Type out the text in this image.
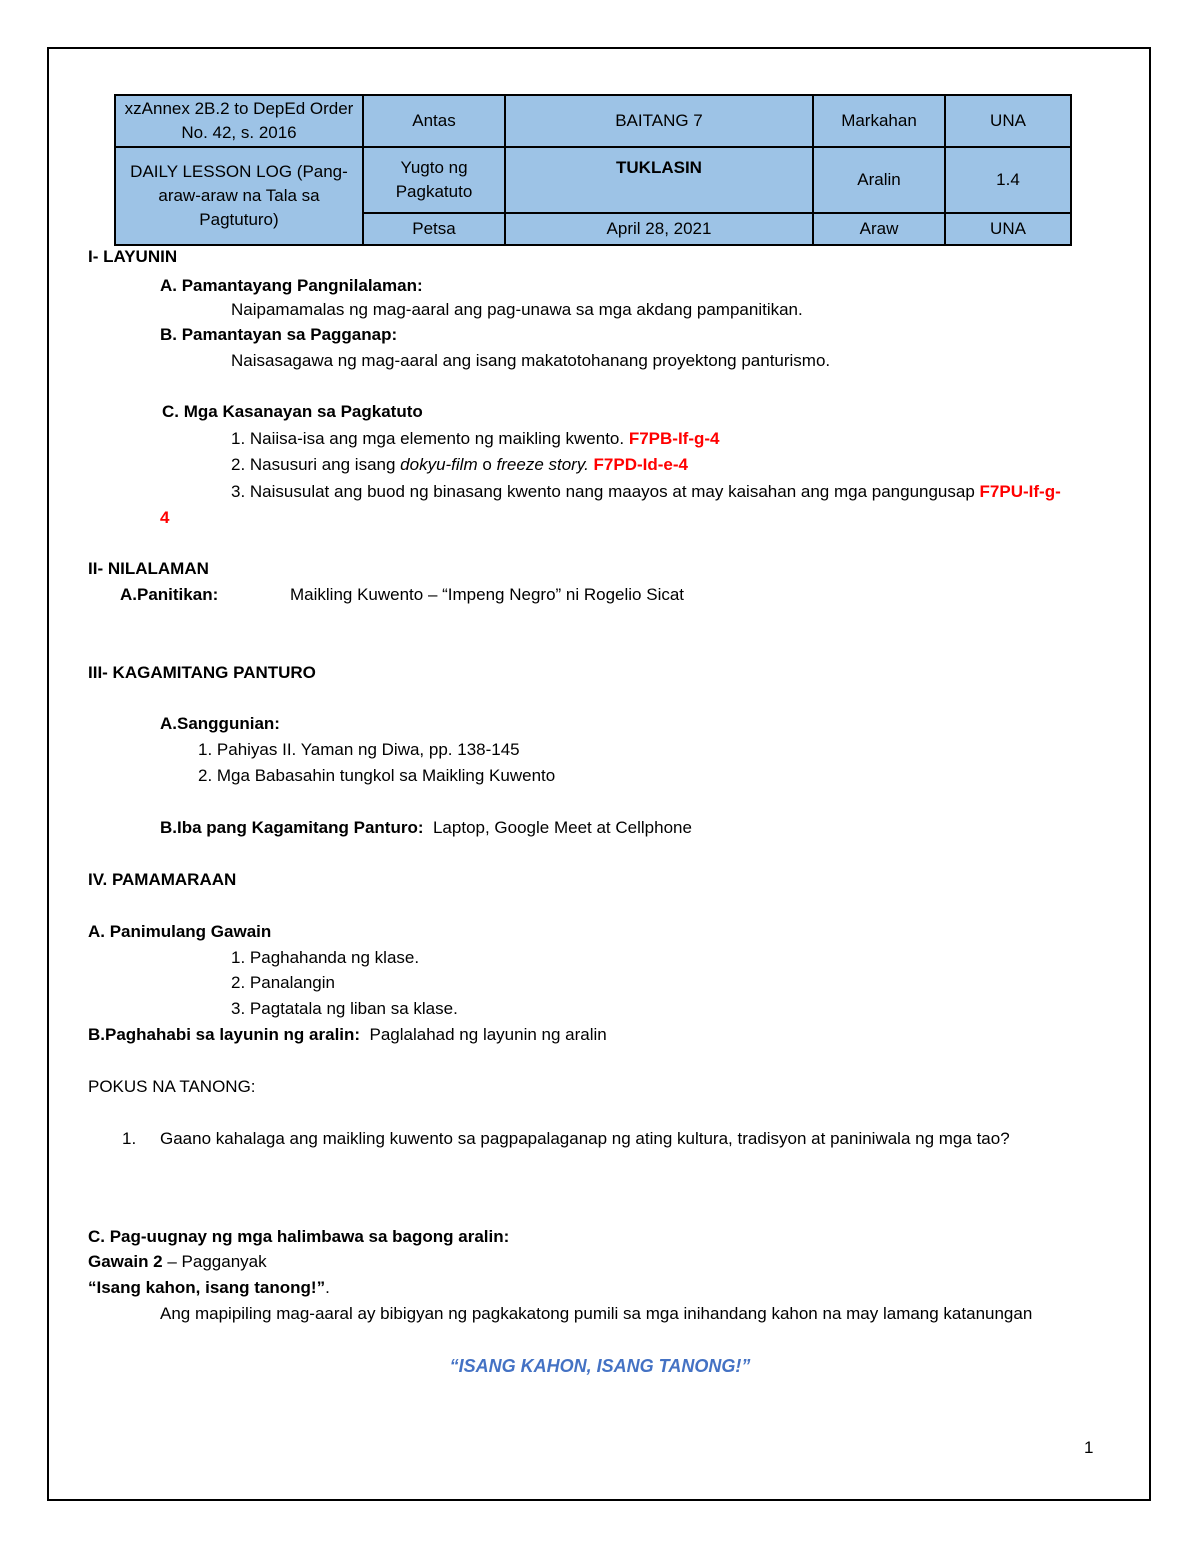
xzAnnex 2B.2 to DepEd Order No. 42, s. 2016	Antas	BAITANG 7	Markahan	UNA
DAILY LESSON LOG (Pang-araw-araw na Tala sa Pagtuturo)	Yugto ng Pagkatuto	TUKLASIN	Aralin	1.4
	Petsa	April 28, 2021	Araw	UNA
I- LAYUNIN
A. Pamantayang Pangnilalaman:
Naipamamalas ng mag-aaral ang pag-unawa sa mga akdang pampanitikan.
B. Pamantayan sa Pagganap:
Naisasagawa ng mag-aaral ang isang makatotohanang proyektong panturismo.
C. Mga Kasanayan sa Pagkatuto
1. Naiisa-isa ang mga elemento ng maikling kwento. F7PB-If-g-4
2. Nasusuri ang isang dokyu-film o freeze story. F7PD-Id-e-4
3. Naisusulat ang buod ng binasang kwento nang maayos at may kaisahan ang mga pangungusap F7PU-If-g-
4
II- NILALAMAN
A.Panitikan:	Maikling Kuwento – “Impeng Negro” ni Rogelio Sicat
III- KAGAMITANG PANTURO
A.Sanggunian:
1. Pahiyas II. Yaman ng Diwa, pp. 138-145
2. Mga Babasahin tungkol sa Maikling Kuwento
B.Iba pang Kagamitang Panturo:  Laptop, Google Meet at Cellphone
IV. PAMAMARAAN
A. Panimulang Gawain
1. Paghahanda ng klase.
2. Panalangin
3. Pagtatala ng liban sa klase.
B.Paghahabi sa layunin ng aralin:  Paglalahad ng layunin ng aralin
POKUS NA TANONG:
1. Gaano kahalaga ang maikling kuwento sa pagpapalaganap ng ating kultura, tradisyon at paniniwala ng mga tao?
C. Pag-uugnay ng mga halimbawa sa bagong aralin:
Gawain 2 – Pagganyak
“Isang kahon, isang tanong!”.
Ang mapipiling mag-aaral ay bibigyan ng pagkakatong pumili sa mga inihandang kahon na may lamang katanungan
“ISANG KAHON, ISANG TANONG!”
1
